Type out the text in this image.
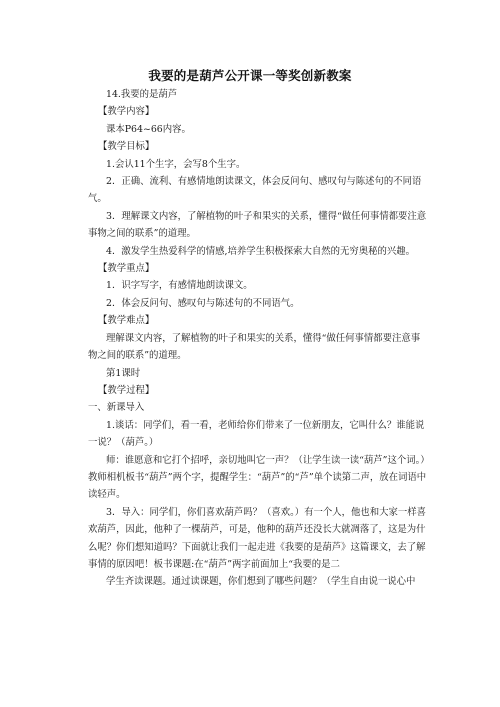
我要的是葫芦公开课一等奖创新教案

14.我要的是葫芦

【教学内容】

课本P64~66内容。

【教学目标】

1.会认11个生字，会写8个生字。

2．正确、流利、有感情地朗读课文，体会反问句、感叹句与陈述句的不同语气。

3．理解课文内容，了解植物的叶子和果实的关系，懂得“做任何事情都要注意事物之间的联系”的道理。

4．激发学生热爱科学的情感,培养学生积极探索大自然的无穷奥秘的兴趣。

【教学重点】

1．识字写字，有感情地朗读课文。

2．体会反问句、感叹句与陈述句的不同语气。

【教学难点】

理解课文内容，了解植物的叶子和果实的关系，懂得“做任何事情都要注意事物之间的联系”的道理。

第1课时

【教学过程】

一、新课导入

1.谈话：同学们，看一看，老师给你们带来了一位新朋友，它叫什么？谁能说一说？（葫芦。）

师：谁愿意和它打个招呼，亲切地叫它一声？（让学生读一读“葫芦”这个词。）教师相机板书“葫芦”两个字，提醒学生：“葫芦”的“芦”单个读第二声，放在词语中读轻声。

3．导入：同学们，你们喜欢葫芦吗？（喜欢。）有一个人，他也和大家一样喜欢葫芦，因此，他种了一棵葫芦，可是，他种的葫芦还没长大就凋落了，这是为什么呢？你们想知道吗？下面就让我们一起走进《我要的是葫芦》这篇课文，去了解事情的原因吧！板书课题:在“葫芦”两字前面加上“我要的是二

学生齐读课题。通过读课题，你们想到了哪些问题？（学生自由说一说心中
